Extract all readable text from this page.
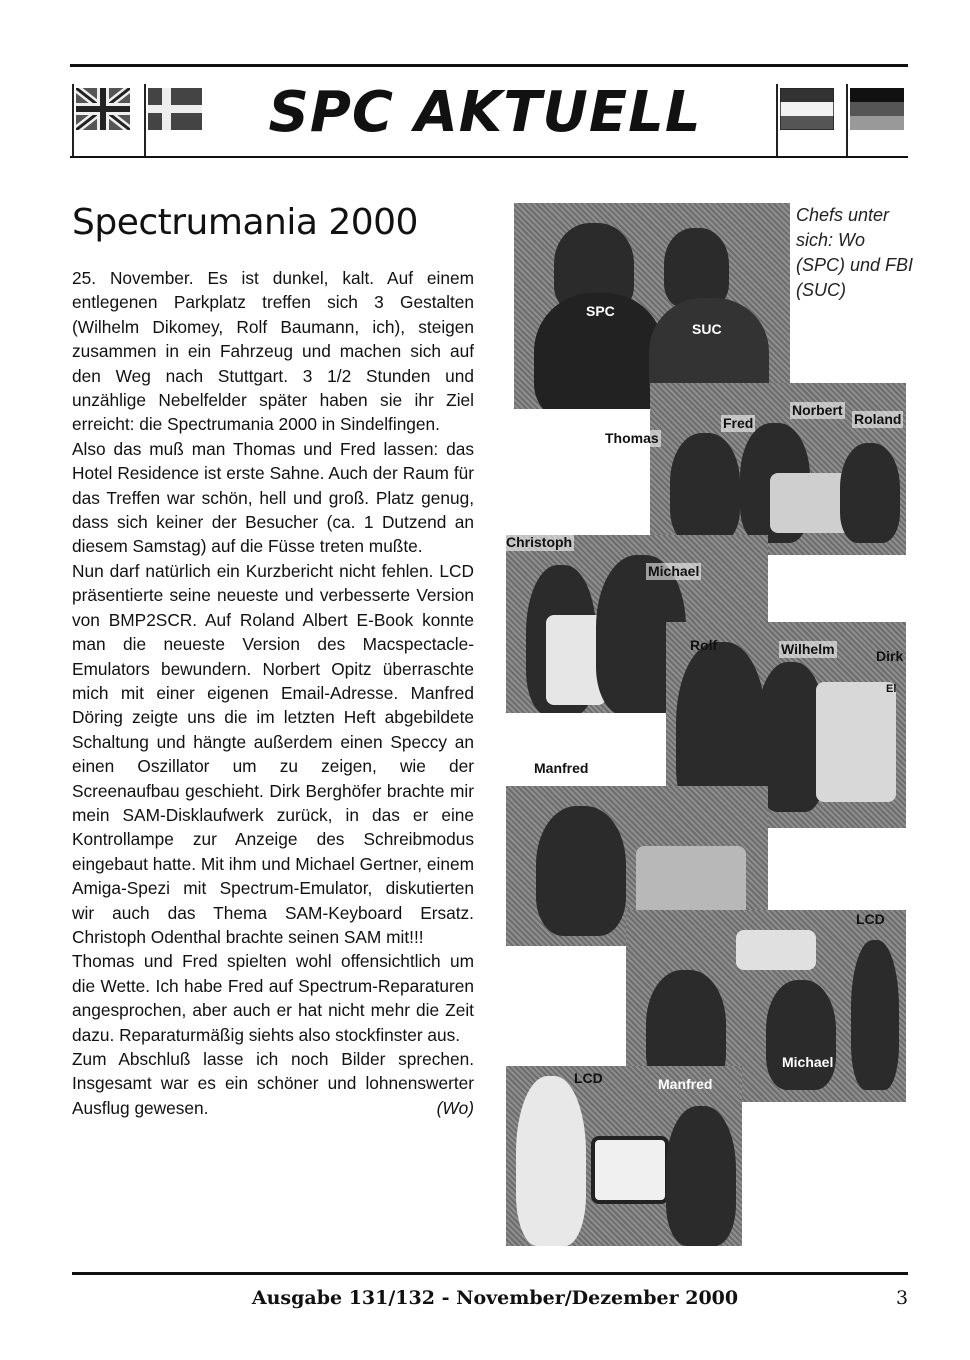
SPC AKTUELL
Spectrumania 2000

25. November. Es ist dunkel, kalt. Auf einem entlegenen Parkplatz treffen sich 3 Gestalten (Wilhelm Dikomey, Rolf Baumann, ich), steigen zusammen in ein Fahrzeug und machen sich auf den Weg nach Stuttgart. 3 1/2 Stunden und unzählige Nebelfelder später haben sie ihr Ziel erreicht: die Spectrumania 2000 in Sindelfingen.

Also das muß man Thomas und Fred lassen: das Hotel Residence ist erste Sahne. Auch der Raum für das Treffen war schön, hell und groß. Platz genug, dass sich keiner der Besucher (ca. 1 Dutzend an diesem Samstag) auf die Füsse treten mußte.

Nun darf natürlich ein Kurzbericht nicht fehlen. LCD präsentierte seine neueste und verbesserte Version von BMP2SCR. Auf Roland Albert E-Book konnte man die neueste Version des Macspectacle-Emulators bewundern. Norbert Opitz überraschte mich mit einer eigenen Email-Adresse. Manfred Döring zeigte uns die im letzten Heft abgebildete Schaltung und hängte außerdem einen Speccy an einen Oszillator um zu zeigen, wie der Screenaufbau geschieht. Dirk Berghöfer brachte mir mein SAM-Disklaufwerk zurück, in das er eine Kontrollampe zur Anzeige des Schreibmodus eingebaut hatte. Mit ihm und Michael Gertner, einem Amiga-Spezi mit Spectrum-Emulator, diskutierten wir auch das Thema SAM-Keyboard Ersatz. Christoph Odenthal brachte seinen SAM mit!!!

Thomas und Fred spielten wohl offensichtlich um die Wette. Ich habe Fred auf Spectrum-Reparaturen angesprochen, aber auch er hat nicht mehr die Zeit dazu. Reparaturmäßig siehts also stockfinster aus.

Zum Abschluß lasse ich noch Bilder sprechen. Insgesamt war es ein schöner und lohnenswerter Ausflug gewesen.	(Wo)

Chefs unter sich: Wo (SPC) und FBI (SUC)
SPC
SUC
Thomas
Fred
Norbert
Roland
Christoph
Michael
Rolf	Wilhelm	Dirk
El
Manfred
LCD
Michael
LCD	Manfred
Ausgabe 131/132 - November/Dezember 2000	3
